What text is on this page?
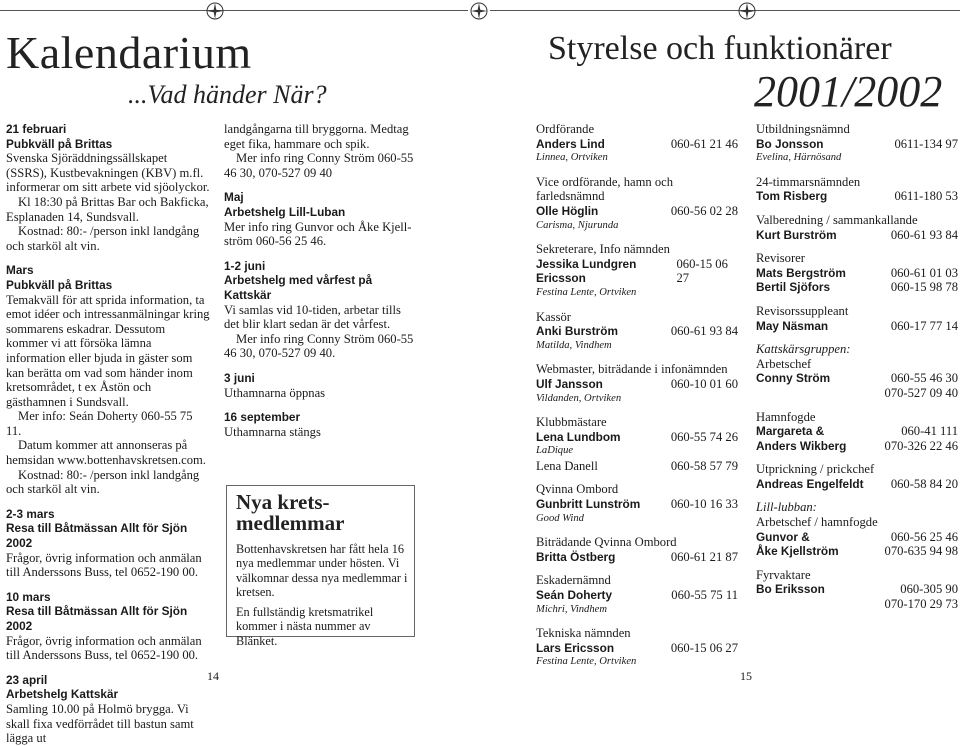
Kalendarium
...Vad händer När?
Styrelse och funktionärer
2001/2002

21 februari

Pubkväll på Brittas

Svenska Sjöräddningssällskapet (SSRS), Kustbevakningen (KBV) m.fl. informerar om sitt arbete vid sjöolyckor.

Kl 18:30 på Brittas Bar och Bakficka, Esplanaden 14, Sundsvall.

Kostnad: 80:- /person inkl landgång och starköl alt vin.

Mars

Pubkväll på Brittas

Temakväll för att sprida information, ta emot idéer och intressanmälningar kring sommarens eskadrar. Dessutom kommer vi att försöka lämna information eller bjuda in gäster som kan berätta om vad som händer inom kretsområdet, t ex Åstön och gästhamnen i Sundsvall.

Mer info: Seán Doherty 060-55 75 11.

Datum kommer att annonseras på hemsidan www.bottenhavskretsen.com.

Kostnad: 80:- /person inkl landgång och starköl alt vin.

2-3 mars

Resa till Båtmässan Allt för Sjön 2002

Frågor, övrig information och anmälan till Anderssons Buss, tel 0652-190 00.

10 mars

Resa till Båtmässan Allt för Sjön 2002

Frågor, övrig information och anmälan till Anderssons Buss, tel 0652-190 00.

23 april

Arbetshelg Kattskär

Samling 10.00 på Holmö brygga. Vi skall fixa vedförrådet till bastun samt lägga ut

landgångarna till bryggorna. Medtag eget fika, hammare och spik.

Mer info ring Conny Ström 060-55 46 30, 070-527 09 40

Maj

Arbetshelg Lill-Luban

Mer info ring Gunvor och Åke Kjell-ström 060-56 25 46.

1-2 juni

Arbetshelg med vårfest på Kattskär

Vi samlas vid 10-tiden, arbetar tills det blir klart sedan är det vårfest.

Mer info ring Conny Ström 060-55 46 30, 070-527 09 40.

3 juni

Uthamnarna öppnas

16 september

Uthamnarna stängs

Nya krets-
medlemmar

Bottenhavskretsen har fått hela 16 nya medlemmar under hösten. Vi välkomnar dessa nya medlemmar i kretsen.

En fullständig kretsmatrikel kommer i nästa nummer av Blänket.

Ordförande
Anders Lind	060-61 21 46
Linnea, Ortviken
Vice ordförande, hamn och farledsnämnd
Olle Höglin	060-56 02 28
Carisma, Njurunda
Sekreterare, Info nämnden
Jessika Lundgren Ericsson
060-15 06 27
Festina Lente, Ortviken
Kassör
Anki Burström	060-61 93 84
Matilda, Vindhem
Webmaster, biträdande i infonämnden
Ulf Jansson	060-10 01 60
Vildanden, Ortviken
Klubbmästare
Lena Lundbom	060-55 74 26
LaDique
Lena Danell	060-58 57 79
Qvinna Ombord
Gunbritt Lunström 060-10 16 33
Good Wind
Biträdande Qvinna Ombord
Britta Östberg	060-61 21 87
Eskadernämnd
Seán Doherty	060-55 75 11
Michri, Vindhem
Tekniska nämnden
Lars Ericsson	060-15 06 27
Festina Lente, Ortviken
Utbildningsnämnd
Bo Jonsson	0611-134 97
Evelina, Härnösand
24-timmarsnämnden
Tom Risberg	0611-180 53
Valberedning / sammankallande
Kurt Burström	060-61 93 84
Revisorer
Mats Bergström	060-61 01 03
Bertil Sjöfors	060-15 98 78
Revisorssuppleant
May Näsman	060-17 77 14
Kattskärsgruppen:
Arbetschef
Conny Ström	060-55 46 30
070-527 09 40
Hamnfogde
Margareta &	060-41 111
Anders Wikberg	070-326 22 46
Utprickning / prickchef
Andreas Engelfeldt 060-58 84 20
Lill-lubban:
Arbetschef / hamnfogde
Gunvor &	060-56 25 46
Åke Kjellström	070-635 94 98
Fyrvaktare
Bo Eriksson	060-305 90
070-170 29 73
14	15
